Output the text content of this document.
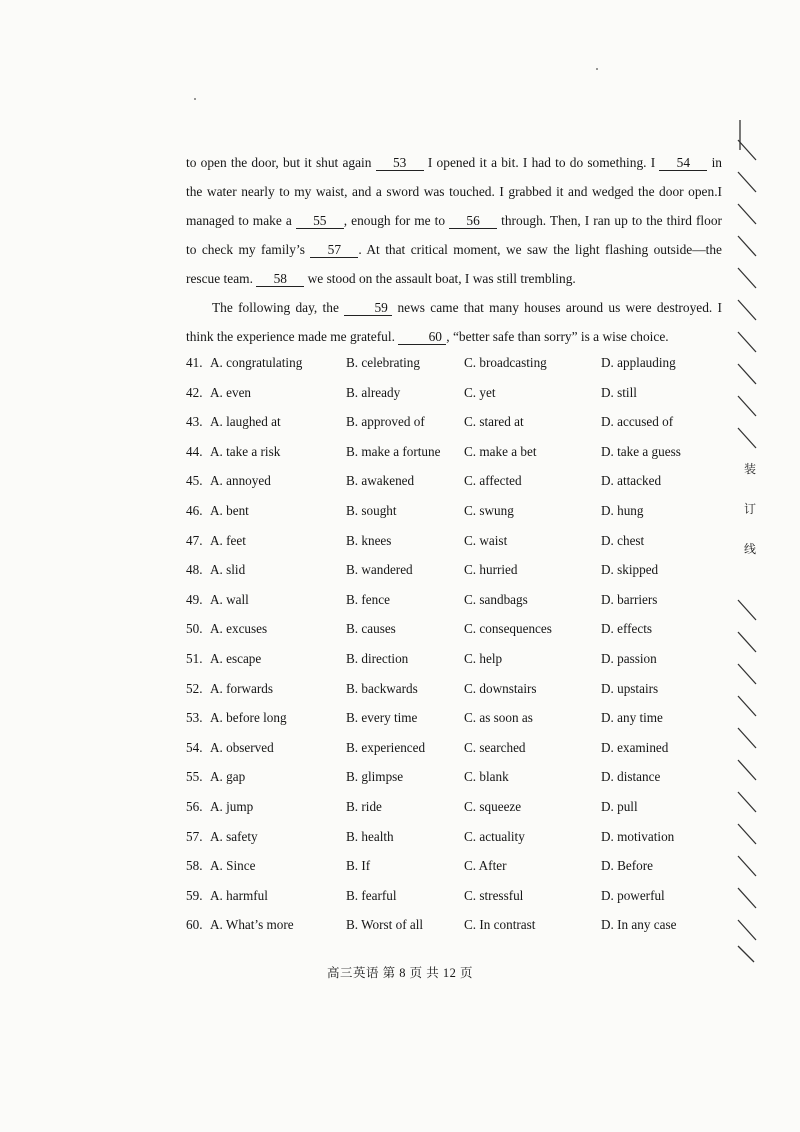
to open the door, but it shut again 53 I opened it a bit. I had to do something. I 54 in the water nearly to my waist, and a sword was touched. I grabbed it and wedged the door open.I managed to make a 55 , enough for me to 56 through. Then, I ran up to the third floor to check my family’s 57 . At that critical moment, we saw the light flashing outside—the rescue team. 58 we stood on the assault boat, I was still trembling.

The following day, the 59 news came that many houses around us were destroyed. I think the experience made me grateful. 60 , “better safe than sorry” is a wise choice.

41. A. congratulating	B. celebrating	C. broadcasting	D. applauding
42. A. even	B. already	C. yet	D. still
43. A. laughed at	B. approved of	C. stared at	D. accused of
44. A. take a risk	B. make a fortune C. make a bet	D. take a guess
45. A. annoyed	B. awakened	C. affected	D. attacked
46. A. bent	B. sought	C. swung	D. hung
47. A. feet	B. knees	C. waist	D. chest
48. A. slid	B. wandered	C. hurried	D. skipped
49. A. wall	B. fence	C. sandbags	D. barriers
50. A. excuses	B. causes	C. consequences	D. effects
51. A. escape	B. direction	C. help	D. passion
52. A. forwards	B. backwards	C. downstairs	D. upstairs
53. A. before long	B. every time	C. as soon as	D. any time
54. A. observed	B. experienced	C. searched	D. examined
55. A. gap	B. glimpse	C. blank	D. distance
56. A. jump	B. ride	C. squeeze	D. pull
57. A. safety	B. health	C. actuality	D. motivation
58. A. Since	B. If	C. After	D. Before
59. A. harmful	B. fearful	C. stressful	D. powerful
60. A. What’s more	B. Worst of all	C. In contrast	D. In any case
高三英语 第 8 页 共 12 页
装
订
线
